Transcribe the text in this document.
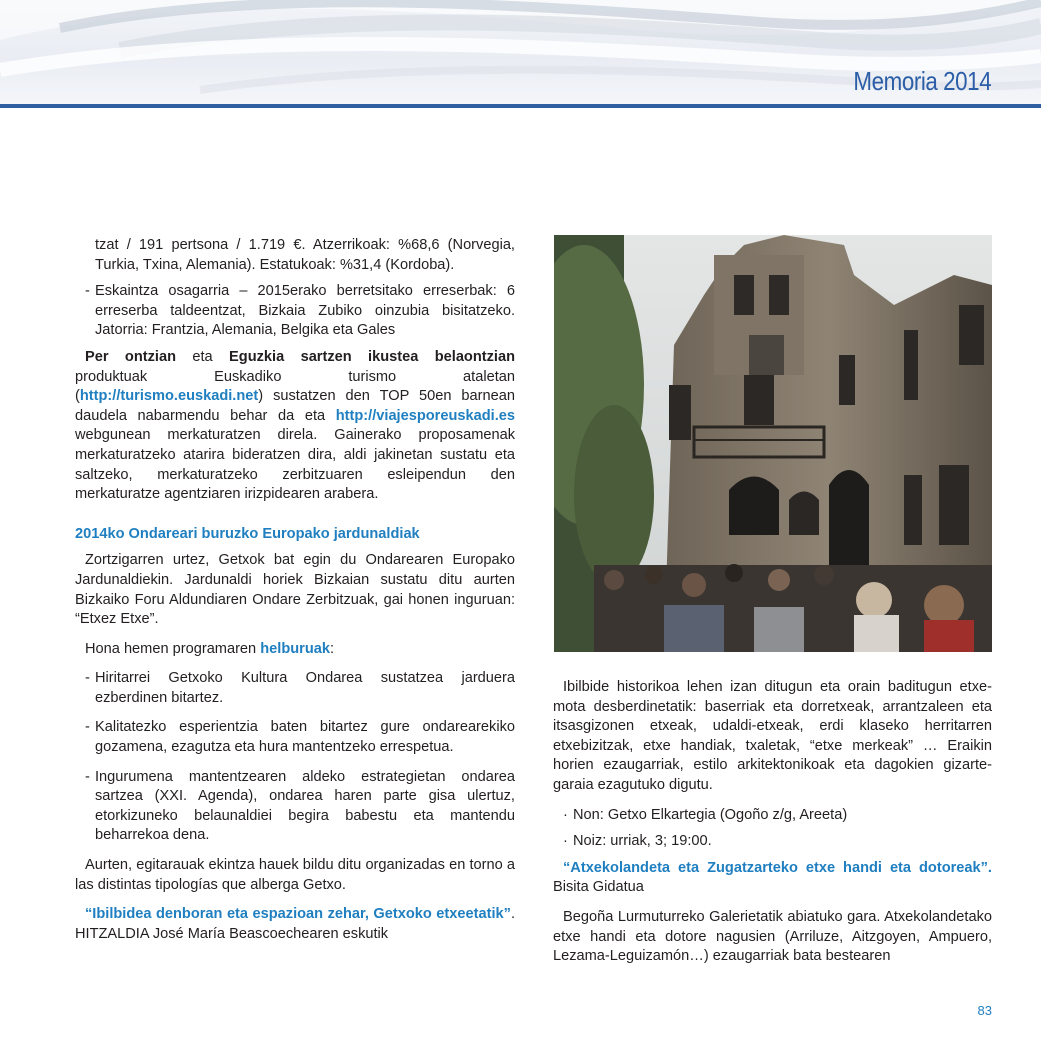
Memoria 2014

tzat / 191 pertsona / 1.719 €. Atzerrikoak: %68,6 (Norvegia, Turkia, Txina, Alemania). Estatukoak: %31,4 (Kordoba).

- Eskaintza osagarria – 2015erako berretsitako erreserbak: 6 erreserba taldeentzat, Bizkaia Zubiko oinzubia bisitatzeko. Jatorria: Frantzia, Alemania, Belgika eta Gales

Per ontzian eta Eguzkia sartzen ikustea belaontzian produktuak Euskadiko turismo ataletan (http://turismo.euskadi.net) sustatzen den TOP 50en barnean daudela nabarmendu behar da eta http://viajesporeuskadi.es webgunean merkaturatzen direla. Gainerako proposamenak merkaturatzeko atarira bideratzen dira, aldi jakinetan sustatu eta saltzeko, merkaturatzeko zerbitzuaren esleipendun den merkaturatze agentziaren irizpidearen arabera.

2014ko Ondareari buruzko Europako jardunaldiak

Zortzigarren urtez, Getxok bat egin du Ondarearen Europako Jardunaldiekin. Jardunaldi horiek Bizkaian sustatu ditu aurten Bizkaiko Foru Aldundiaren Ondare Zerbitzuak, gai honen inguruan: “Etxez Etxe”.

Hona hemen programaren helburuak:

- Hiritarrei Getxoko Kultura Ondarea sustatzea jarduera ezberdinen bitartez.

- Kalitatezko esperientzia baten bitartez gure ondarearekiko gozamena, ezagutza eta hura mantentzeko errespetua.

- Ingurumena mantentzearen aldeko estrategietan ondarea sartzea (XXI. Agenda), ondarea haren parte gisa ulertuz, etorkizuneko belaunaldiei begira babestu eta mantendu beharrekoa dena.

Aurten, egitarauak ekintza hauek bildu ditu organizadas en torno a las distintas tipologías que alberga Getxo.

“Ibilbidea denboran eta espazioan zehar, Getxoko etxeetatik”. HITZALDIA José María Beascoechearen eskutik

Ibilbide historikoa lehen izan ditugun eta orain baditugun etxe-mota desberdinetatik: baserriak eta dorretxeak, arrantzaleen eta itsasgizonen etxeak, udaldi-etxeak, erdi klaseko herritarren etxebizitzak, etxe handiak, txaletak, “etxe merkeak” … Eraikin horien ezaugarriak, estilo arkitektonikoak eta dagokien gizarte-garaia ezagutuko digutu.

· Non: Getxo Elkartegia (Ogoño z/g, Areeta)

· Noiz: urriak, 3; 19:00.

“Atxekolandeta eta Zugatzarteko etxe handi eta dotoreak”. Bisita Gidatua

Begoña Lurmuturreko Galerietatik abiatuko gara. Atxekolandetako etxe handi eta dotore nagusien (Arriluze, Aitzgoyen, Ampuero, Lezama-Leguizamón…) ezaugarriak bata bestearen

83
